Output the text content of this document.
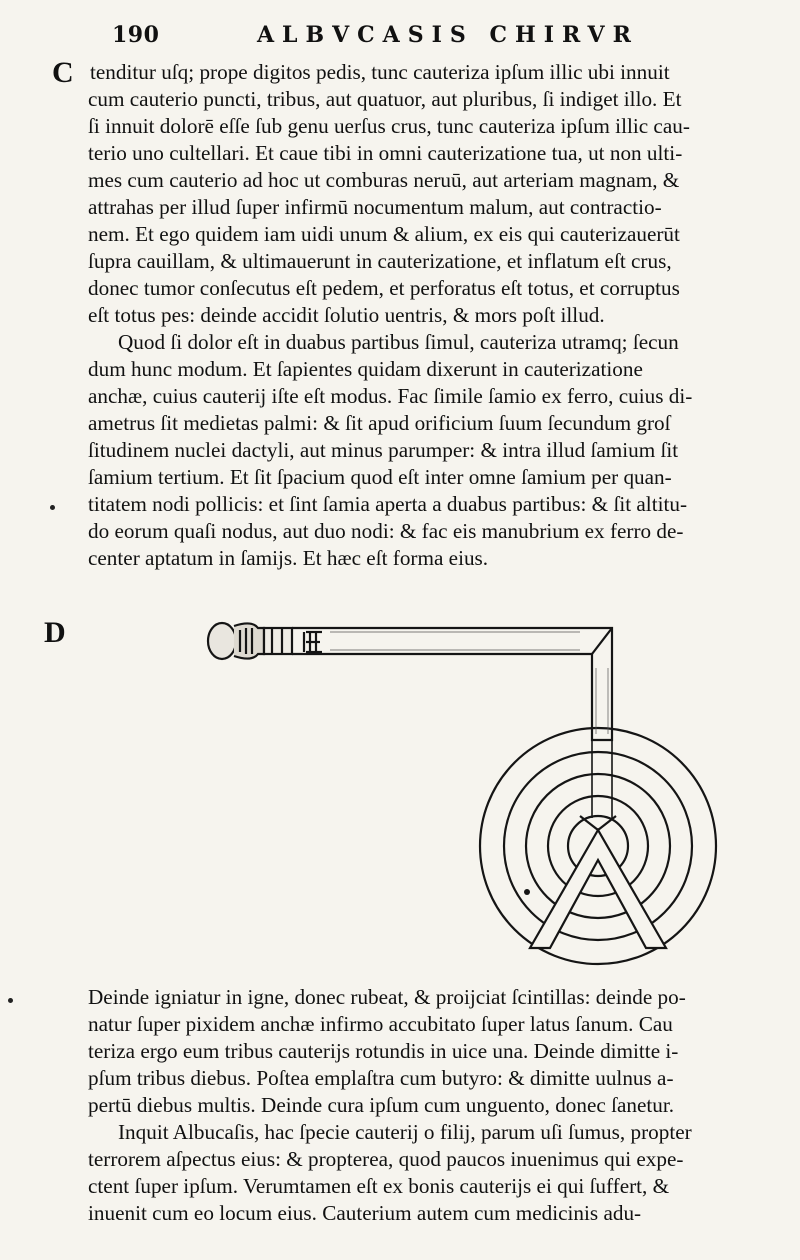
190	ALBVCASIS CHIRVR
C
D
tenditur uſq; prope digitos pedis, tunc cauteriza ipſum illic ubi innuit
cum cauterio puncti, tribus, aut quatuor, aut pluribus, ſi indiget illo. Et
ſi innuit dolorē eſſe ſub genu uerſus crus, tunc cauteriza ipſum illic cau-
terio uno cultellari. Et caue tibi in omni cauterizatione tua, ut non ulti-
mes cum cauterio ad hoc ut comburas neruū, aut arteriam magnam, &
attrahas per illud ſuper infirmū nocumentum malum, aut contractio-
nem. Et ego quidem iam uidi unum & alium, ex eis qui cauterizauerūt
ſupra cauillam, & ultimauerunt in cauterizatione, et inflatum eſt crus,
donec tumor conſecutus eſt pedem, et perforatus eſt totus, et corruptus
eſt totus pes: deinde accidit ſolutio uentris, & mors poſt illud.
Quod ſi dolor eſt in duabus partibus ſimul, cauteriza utramq; ſecun
dum hunc modum. Et ſapientes quidam dixerunt in cauterizatione
anchæ, cuius cauterij iſte eſt modus. Fac ſimile ſamio ex ferro, cuius di-
ametrus ſit medietas palmi: & ſit apud orificium ſuum ſecundum groſ
ſitudinem nuclei dactyli, aut minus parumper: & intra illud ſamium ſit
ſamium tertium. Et ſit ſpacium quod eſt inter omne ſamium per quan-
titatem nodi pollicis: et ſint ſamia aperta a duabus partibus: & ſit altitu-
do eorum quaſi nodus, aut duo nodi: & fac eis manubrium ex ferro de-
center aptatum in ſamijs. Et hæc eſt forma eius.
Deinde igniatur in igne, donec rubeat, & proijciat ſcintillas: deinde po-
natur ſuper pixidem anchæ infirmo accubitato ſuper latus ſanum. Cau
teriza ergo eum tribus cauterijs rotundis in uice una. Deinde dimitte i-
pſum tribus diebus. Poſtea emplaſtra cum butyro: & dimitte uulnus a-
pertū diebus multis. Deinde cura ipſum cum unguento, donec ſanetur.
Inquit Albucaſis, hac ſpecie cauterij o filij, parum uſi ſumus, propter
terrorem aſpectus eius: & propterea, quod paucos inuenimus qui expe-
ctent ſuper ipſum. Verumtamen eſt ex bonis cauterijs ei qui ſuffert, &
inuenit cum eo locum eius. Cauterium autem cum medicinis adu-
